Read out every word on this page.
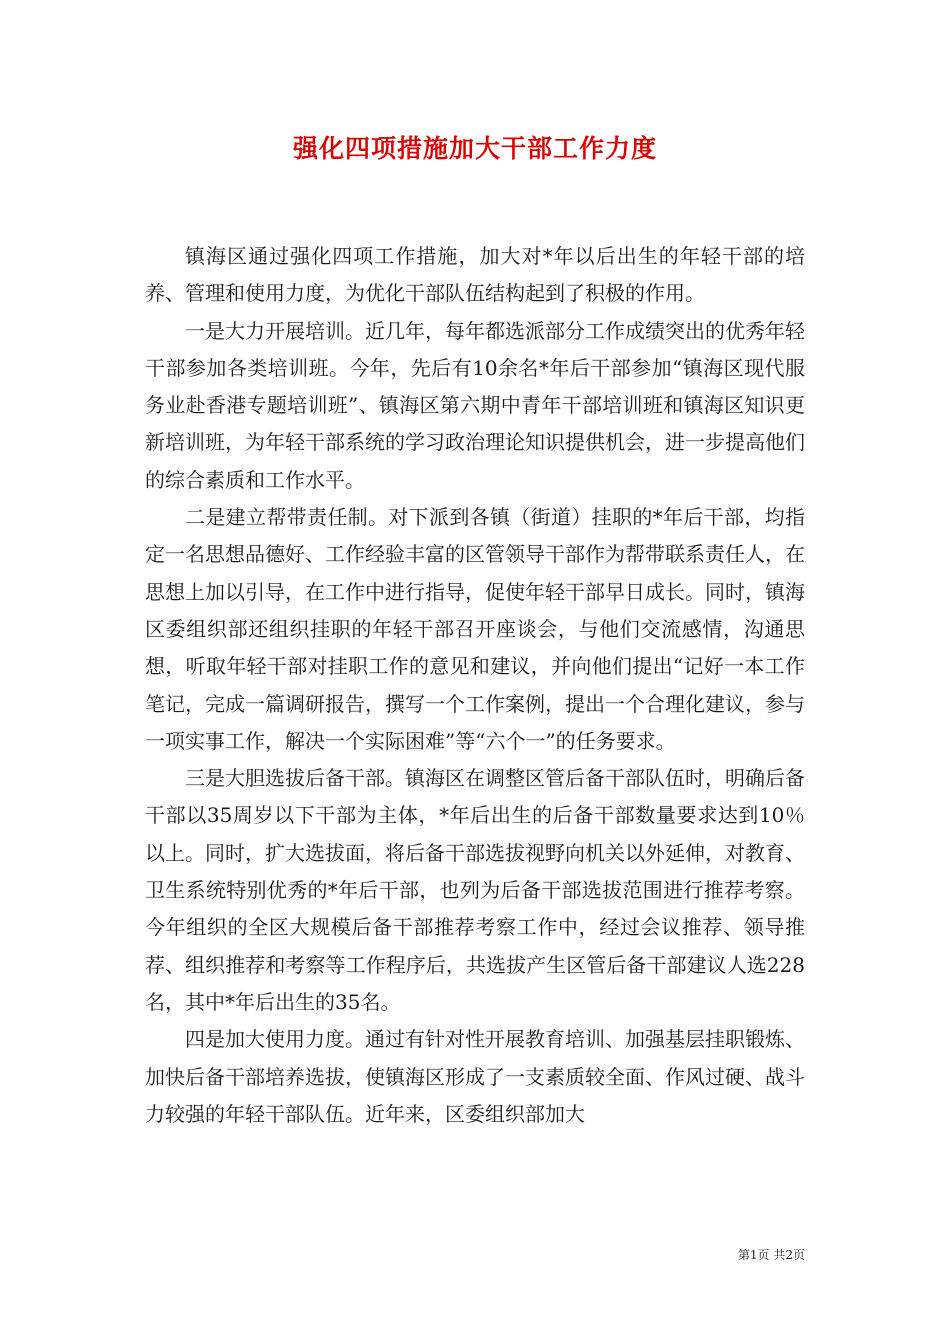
强化四项措施加大干部工作力度

镇海区通过强化四项工作措施，加大对*年以后出生的年轻干部的培养、管理和使用力度，为优化干部队伍结构起到了积极的作用。

一是大力开展培训。近几年，每年都选派部分工作成绩突出的优秀年轻干部参加各类培训班。今年，先后有10余名*年后干部参加“镇海区现代服务业赴香港专题培训班”、镇海区第六期中青年干部培训班和镇海区知识更新培训班，为年轻干部系统的学习政治理论知识提供机会，进一步提高他们的综合素质和工作水平。

二是建立帮带责任制。对下派到各镇（街道）挂职的*年后干部，均指定一名思想品德好、工作经验丰富的区管领导干部作为帮带联系责任人，在思想上加以引导，在工作中进行指导，促使年轻干部早日成长。同时，镇海区委组织部还组织挂职的年轻干部召开座谈会，与他们交流感情，沟通思想，听取年轻干部对挂职工作的意见和建议，并向他们提出“记好一本工作笔记，完成一篇调研报告，撰写一个工作案例，提出一个合理化建议，参与一项实事工作，解决一个实际困难”等“六个一”的任务要求。

三是大胆选拔后备干部。镇海区在调整区管后备干部队伍时，明确后备干部以35周岁以下干部为主体，*年后出生的后备干部数量要求达到10％以上。同时，扩大选拔面，将后备干部选拔视野向机关以外延伸，对教育、卫生系统特别优秀的*年后干部，也列为后备干部选拔范围进行推荐考察。今年组织的全区大规模后备干部推荐考察工作中，经过会议推荐、领导推荐、组织推荐和考察等工作程序后，共选拔产生区管后备干部建议人选228名，其中*年后出生的35名。

四是加大使用力度。通过有针对性开展教育培训、加强基层挂职锻炼、加快后备干部培养选拔，使镇海区形成了一支素质较全面、作风过硬、战斗力较强的年轻干部队伍。近年来，区委组织部加大

第1页 共2页
